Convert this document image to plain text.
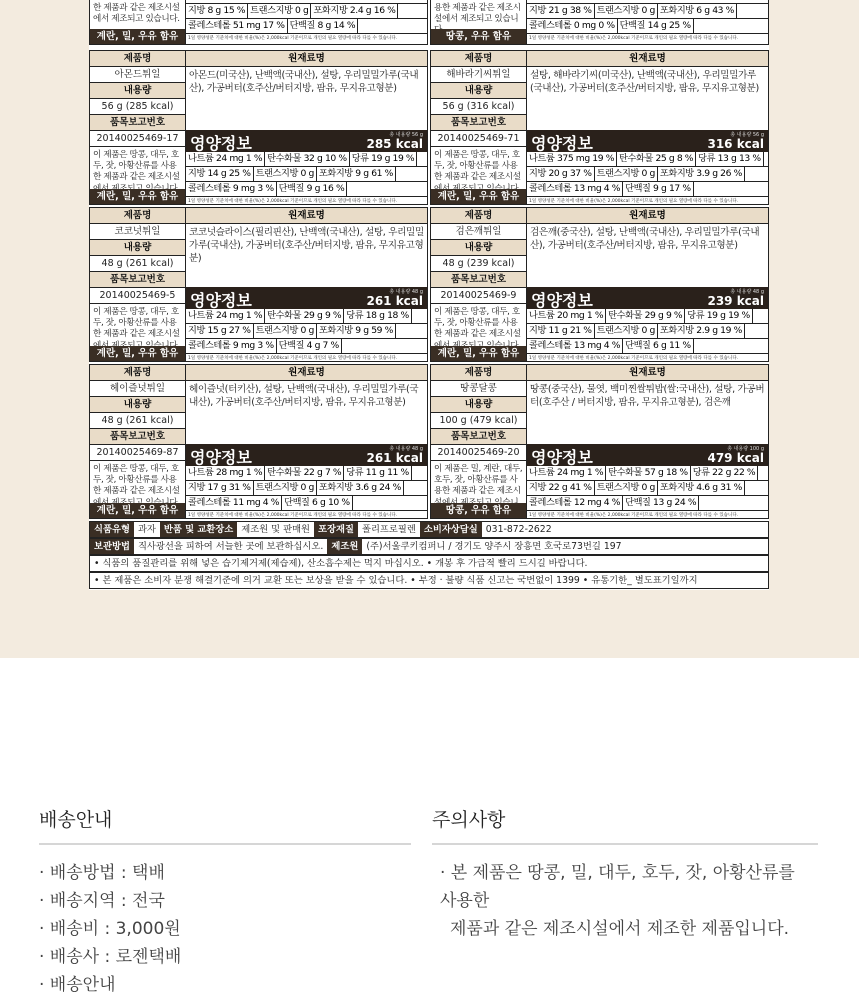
한 제품과 같은 제조시설
에서 제조되고 있습니다.
계란, 밀, 우유 함유
지방 8 g 15 % 트랜스지방 0 g 포화지방 2.4 g 16 %
콜레스테롤 51 mg 17 % 단백질 8 g 14 %
1일 영양성분 기준치에 대한 비율(%)은 2,000kcal 기준이므로 개인의 필요 열량에 따라 다를 수 있습니다.
용한 제품과 같은 제조시
설에서 제조되고 있습니
땅콩, 우유 함유
지방 21 g 38 % 트랜스지방 0 g 포화지방 6 g 43 %
콜레스테롤 0 mg 0 % 단백질 14 g 25 %
1일 영양성분 기준치에 대한 비율(%)은 2,000kcal 기준이므로 개인의 필요 열량에 따라 다를 수 있습니다.
제품명
아몬드튀일
내용량
56 g (285 kcal)
품목보고번호
20140025469-17
이 제품은 땅콩, 대두, 호두, 잣, 아황산류를 사용한 제품과 같은 제조시설
계란, 밀, 우유 함유
원재료명
아몬드(미국산), 난백액(국내산), 설탕, 우리밀밀가루(국내산), 가공버터(호주산/버터지방, 팜유, 무지유고형분)
영양정보	총 내용량 56 g
285 kcal
나트륨 24 mg 1 % 탄수화물 32 g 10 % 당류 19 g 19 %
지방 14 g 25 % 트랜스지방 0 g 포화지방 9 g 61 %
콜레스테롤 9 mg 3 % 단백질 9 g 16 %
1일 영양성분 기준치에 대한 비율(%)은 2,000kcal 기준이므로 개인의 필요 열량에 따라 다를 수 있습니다.
제품명
해바라기씨튀일
내용량
56 g (316 kcal)
품목보고번호
20140025469-71
이 제품은 땅콩, 대두, 호두, 잣, 아황산류를 사용한 제품과 같은 제조시설
계란, 밀, 우유 함유
원재료명
설탕, 해바라기씨(미국산), 난백액(국내산), 우리밀밀가루(국내산), 가공버터(호주산/버터지방, 팜유, 무지유고형분)
영양정보	총 내용량 56 g
316 kcal
나트륨 375 mg 19 % 탄수화물 25 g 8 % 당류 13 g 13 %
지방 20 g 37 % 트랜스지방 0 g 포화지방 3.9 g 26 %
콜레스테롤 13 mg 4 % 단백질 9 g 17 %
1일 영양성분 기준치에 대한 비율(%)은 2,000kcal 기준이므로 개인의 필요 열량에 따라 다를 수 있습니다.
제품명
코코넛튀일
내용량
48 g (261 kcal)
품목보고번호
20140025469-5
이 제품은 땅콩, 대두, 호두, 잣, 아황산류를 사용한 제품과 같은 제조시설
계란, 밀, 우유 함유
원재료명
코코넛슬라이스(필리핀산), 난백액(국내산), 설탕, 우리밀밀가루(국내산), 가공버터(호주산/버터지방, 팜유, 무지유고형분)
영양정보	총 내용량 48 g
261 kcal
나트륨 24 mg 1 % 탄수화물 29 g 9 % 당류 18 g 18 %
지방 15 g 27 % 트랜스지방 0 g 포화지방 9 g 59 %
콜레스테롤 9 mg 3 % 단백질 4 g 7 %
1일 영양성분 기준치에 대한 비율(%)은 2,000kcal 기준이므로 개인의 필요 열량에 따라 다를 수 있습니다.
제품명
검은깨튀일
내용량
48 g (239 kcal)
품목보고번호
20140025469-9
이 제품은 땅콩, 대두, 호두, 잣, 아황산류를 사용한 제품과 같은 제조시설
계란, 밀, 우유 함유
원재료명
검은깨(중국산), 설탕, 난백액(국내산), 우리밀밀가루(국내산), 가공버터(호주산/버터지방, 팜유, 무지유고형분)
영양정보	총 내용량 48 g
239 kcal
나트륨 20 mg 1 % 탄수화물 29 g 9 % 당류 19 g 19 %
지방 11 g 21 % 트랜스지방 0 g 포화지방 2.9 g 19 %
콜레스테롤 13 mg 4 % 단백질 6 g 11 %
1일 영양성분 기준치에 대한 비율(%)은 2,000kcal 기준이므로 개인의 필요 열량에 따라 다를 수 있습니다.
제품명
헤이즐넛튀일
내용량
48 g (261 kcal)
품목보고번호
20140025469-87
이 제품은 땅콩, 대두, 호두, 잣, 아황산류를 사용한 제품과 같은 제조시설
계란, 밀, 우유 함유
원재료명
헤이즐넛(터키산), 설탕, 난백액(국내산), 우리밀밀가루(국내산), 가공버터(호주산/버터지방, 팜유, 무지유고형분)
영양정보	총 내용량 48 g
261 kcal
나트륨 28 mg 1 % 탄수화물 22 g 7 % 당류 11 g 11 %
지방 17 g 31 % 트랜스지방 0 g 포화지방 3.6 g 24 %
콜레스테롤 11 mg 4 % 단백질 6 g 10 %
1일 영양성분 기준치에 대한 비율(%)은 2,000kcal 기준이므로 개인의 필요 열량에 따라 다를 수 있습니다.
제품명
땅콩달콩
내용량
100 g (479 kcal)
품목보고번호
20140025469-20
이 제품은 밀, 계란, 대두, 호두, 잣, 아황산류를 사용한 제품과 같은 제조시
땅콩, 우유 함유
원재료명
땅콩(중국산), 물엿, 백미찐쌀튀밥(쌀:국내산), 설탕, 가공버터(호주산 / 버터지방, 팜유, 무지유고형분), 검은깨
영양정보	총 내용량 100 g
479 kcal
나트륨 24 mg 1 % 탄수화물 57 g 18 % 당류 22 g 22 %
지방 22 g 41 % 트랜스지방 0 g 포화지방 4.6 g 31 %
콜레스테롤 12 mg 4 % 단백질 13 g 24 %
1일 영양성분 기준치에 대한 비율(%)은 2,000kcal 기준이므로 개인의 필요 열량에 따라 다를 수 있습니다.
식품유형 과자 반품 및 교환장소 제조원 및 판매원 포장재질 폴리프로필렌 소비자상담실 031-872-2622
보관방법 직사광선을 피하여 서늘한 곳에 보관하십시오. 제조원 (주)서울쿠키컴퍼니 / 경기도 양주시 장흥면 호국로73번길 197
• 식품의 품질관리를 위해 넣은 습기제거제(제습제), 산소흡수제는 먹지 마십시오. • 개봉 후 가급적 빨리 드시길 바랍니다.
• 본 제품은 소비자 분쟁 해결기준에 의거 교환 또는 보상을 받을 수 있습니다. • 부정 · 불량 식품 신고는 국번없이 1399 • 유통기한_ 별도표기일까지
배송안내
· 배송방법 : 택배
· 배송지역 : 전국
· 배송비 : 3,000원
· 배송사 : 로젠택배
· 배송안내
주의사항
· 본 제품은 땅콩, 밀, 대두, 호두, 잣, 아황산류를 사용한
제품과 같은 제조시설에서 제조한 제품입니다.
